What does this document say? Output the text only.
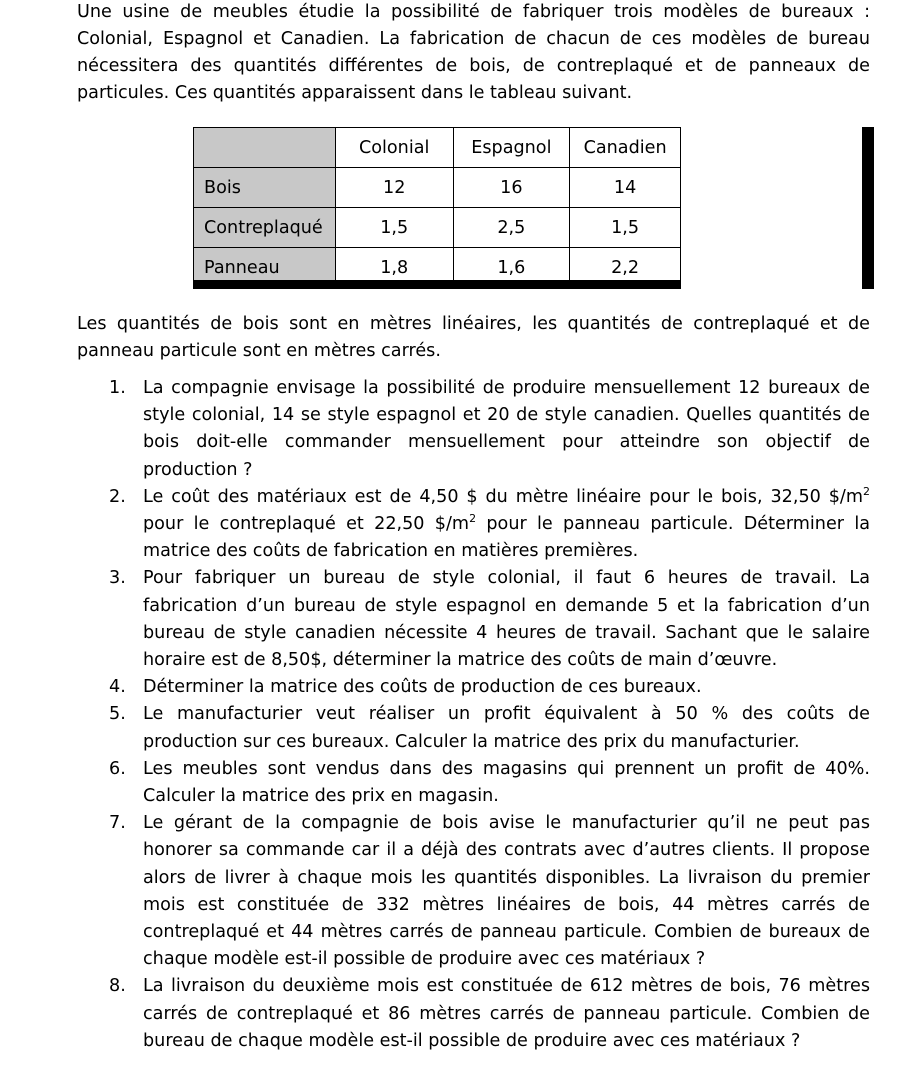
Une usine de meubles étudie la possibilité de fabriquer trois modèles de bureaux : Colonial, Espagnol et Canadien. La fabrication de chacun de ces modèles de bureau nécessitera des quantités différentes de bois, de contreplaqué et de panneaux de particules. Ces quantités apparaissent dans le tableau suivant.

	Colonial	Espagnol	Canadien
Bois	12	16	14
Contreplaqué	1,5	2,5	1,5
Panneau	1,8	1,6	2,2

Les quantités de bois sont en mètres linéaires, les quantités de contreplaqué et de panneau particule sont en mètres carrés.

1. La compagnie envisage la possibilité de produire mensuellement 12 bureaux de style colonial, 14 se style espagnol et 20 de style canadien. Quelles quantités de bois doit-elle commander mensuellement pour atteindre son objectif de production ?
2. Le coût des matériaux est de 4,50 $ du mètre linéaire pour le bois, 32,50 $\$/m^2$ pour le contreplaqué et 22,50 $\$/m^2$ pour le panneau particule. Déterminer la matrice des coûts de fabrication en matières premières.
3. Pour fabriquer un bureau de style colonial, il faut 6 heures de travail. La fabrication d’un bureau de style espagnol en demande 5 et la fabrication d’un bureau de style canadien nécessite 4 heures de travail. Sachant que le salaire horaire est de 8,50$, déterminer la matrice des coûts de main d’œuvre.
4. Déterminer la matrice des coûts de production de ces bureaux.
5. Le manufacturier veut réaliser un profit équivalent à 50 % des coûts de production sur ces bureaux. Calculer la matrice des prix du manufacturier.
6. Les meubles sont vendus dans des magasins qui prennent un profit de 40%. Calculer la matrice des prix en magasin.
7. Le gérant de la compagnie de bois avise le manufacturier qu’il ne peut pas honorer sa commande car il a déjà des contrats avec d’autres clients. Il propose alors de livrer à chaque mois les quantités disponibles. La livraison du premier mois est constituée de 332 mètres linéaires de bois, 44 mètres carrés de contreplaqué et 44 mètres carrés de panneau particule. Combien de bureaux de chaque modèle est-il possible de produire avec ces matériaux ?
8. La livraison du deuxième mois est constituée de 612 mètres de bois, 76 mètres carrés de contreplaqué et 86 mètres carrés de panneau particule. Combien de bureau de chaque modèle est-il possible de produire avec ces matériaux ?
